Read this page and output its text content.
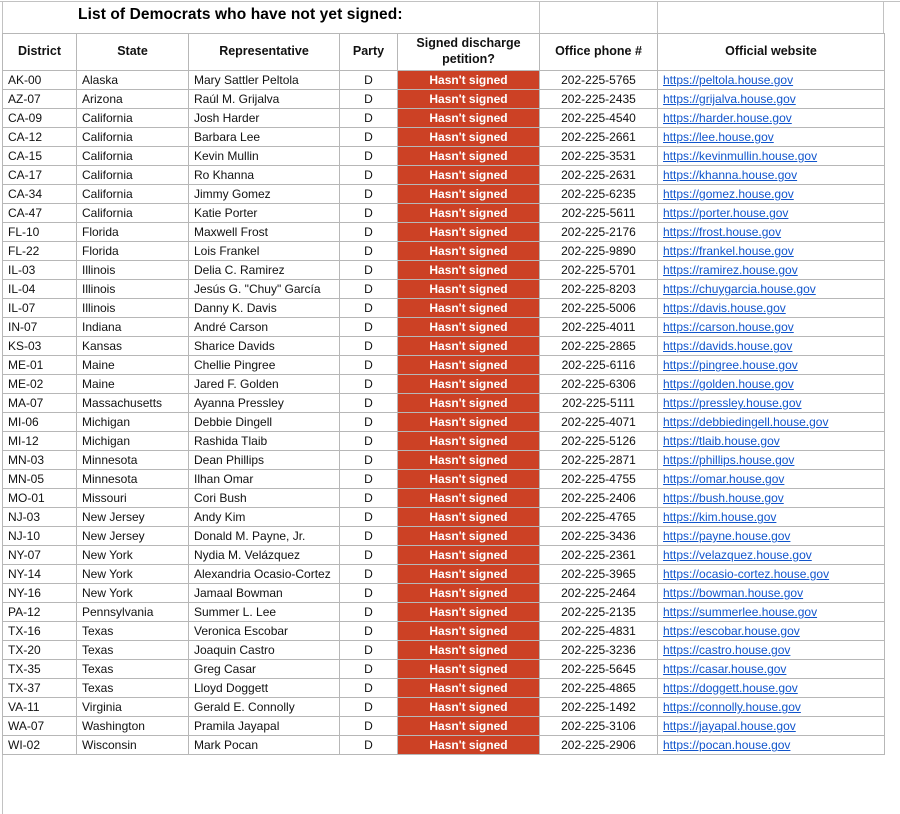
List of Democrats who have not yet signed:
District	State	Representative	Party	Signed discharge petition?	Office phone #	Official website
AK-00	Alaska	Mary Sattler Peltola	D	Hasn't signed	202-225-5765	https://peltola.house.gov
AZ-07	Arizona	Raúl M. Grijalva	D	Hasn't signed	202-225-2435	https://grijalva.house.gov
CA-09	California	Josh Harder	D	Hasn't signed	202-225-4540	https://harder.house.gov
CA-12	California	Barbara Lee	D	Hasn't signed	202-225-2661	https://lee.house.gov
CA-15	California	Kevin Mullin	D	Hasn't signed	202-225-3531	https://kevinmullin.house.gov
CA-17	California	Ro Khanna	D	Hasn't signed	202-225-2631	https://khanna.house.gov
CA-34	California	Jimmy Gomez	D	Hasn't signed	202-225-6235	https://gomez.house.gov
CA-47	California	Katie Porter	D	Hasn't signed	202-225-5611	https://porter.house.gov
FL-10	Florida	Maxwell Frost	D	Hasn't signed	202-225-2176	https://frost.house.gov
FL-22	Florida	Lois Frankel	D	Hasn't signed	202-225-9890	https://frankel.house.gov
IL-03	Illinois	Delia C. Ramirez	D	Hasn't signed	202-225-5701	https://ramirez.house.gov
IL-04	Illinois	Jesús G. "Chuy" García	D	Hasn't signed	202-225-8203	https://chuygarcia.house.gov
IL-07	Illinois	Danny K. Davis	D	Hasn't signed	202-225-5006	https://davis.house.gov
IN-07	Indiana	André Carson	D	Hasn't signed	202-225-4011	https://carson.house.gov
KS-03	Kansas	Sharice Davids	D	Hasn't signed	202-225-2865	https://davids.house.gov
ME-01	Maine	Chellie Pingree	D	Hasn't signed	202-225-6116	https://pingree.house.gov
ME-02	Maine	Jared F. Golden	D	Hasn't signed	202-225-6306	https://golden.house.gov
MA-07	Massachusetts	Ayanna Pressley	D	Hasn't signed	202-225-5111	https://pressley.house.gov
MI-06	Michigan	Debbie Dingell	D	Hasn't signed	202-225-4071	https://debbiedingell.house.gov
MI-12	Michigan	Rashida Tlaib	D	Hasn't signed	202-225-5126	https://tlaib.house.gov
MN-03	Minnesota	Dean Phillips	D	Hasn't signed	202-225-2871	https://phillips.house.gov
MN-05	Minnesota	Ilhan Omar	D	Hasn't signed	202-225-4755	https://omar.house.gov
MO-01	Missouri	Cori Bush	D	Hasn't signed	202-225-2406	https://bush.house.gov
NJ-03	New Jersey	Andy Kim	D	Hasn't signed	202-225-4765	https://kim.house.gov
NJ-10	New Jersey	Donald M. Payne, Jr.	D	Hasn't signed	202-225-3436	https://payne.house.gov
NY-07	New York	Nydia M. Velázquez	D	Hasn't signed	202-225-2361	https://velazquez.house.gov
NY-14	New York	Alexandria Ocasio-Cortez	D	Hasn't signed	202-225-3965	https://ocasio-cortez.house.gov
NY-16	New York	Jamaal Bowman	D	Hasn't signed	202-225-2464	https://bowman.house.gov
PA-12	Pennsylvania	Summer L. Lee	D	Hasn't signed	202-225-2135	https://summerlee.house.gov
TX-16	Texas	Veronica Escobar	D	Hasn't signed	202-225-4831	https://escobar.house.gov
TX-20	Texas	Joaquin Castro	D	Hasn't signed	202-225-3236	https://castro.house.gov
TX-35	Texas	Greg Casar	D	Hasn't signed	202-225-5645	https://casar.house.gov
TX-37	Texas	Lloyd Doggett	D	Hasn't signed	202-225-4865	https://doggett.house.gov
VA-11	Virginia	Gerald E. Connolly	D	Hasn't signed	202-225-1492	https://connolly.house.gov
WA-07	Washington	Pramila Jayapal	D	Hasn't signed	202-225-3106	https://jayapal.house.gov
WI-02	Wisconsin	Mark Pocan	D	Hasn't signed	202-225-2906	https://pocan.house.gov
